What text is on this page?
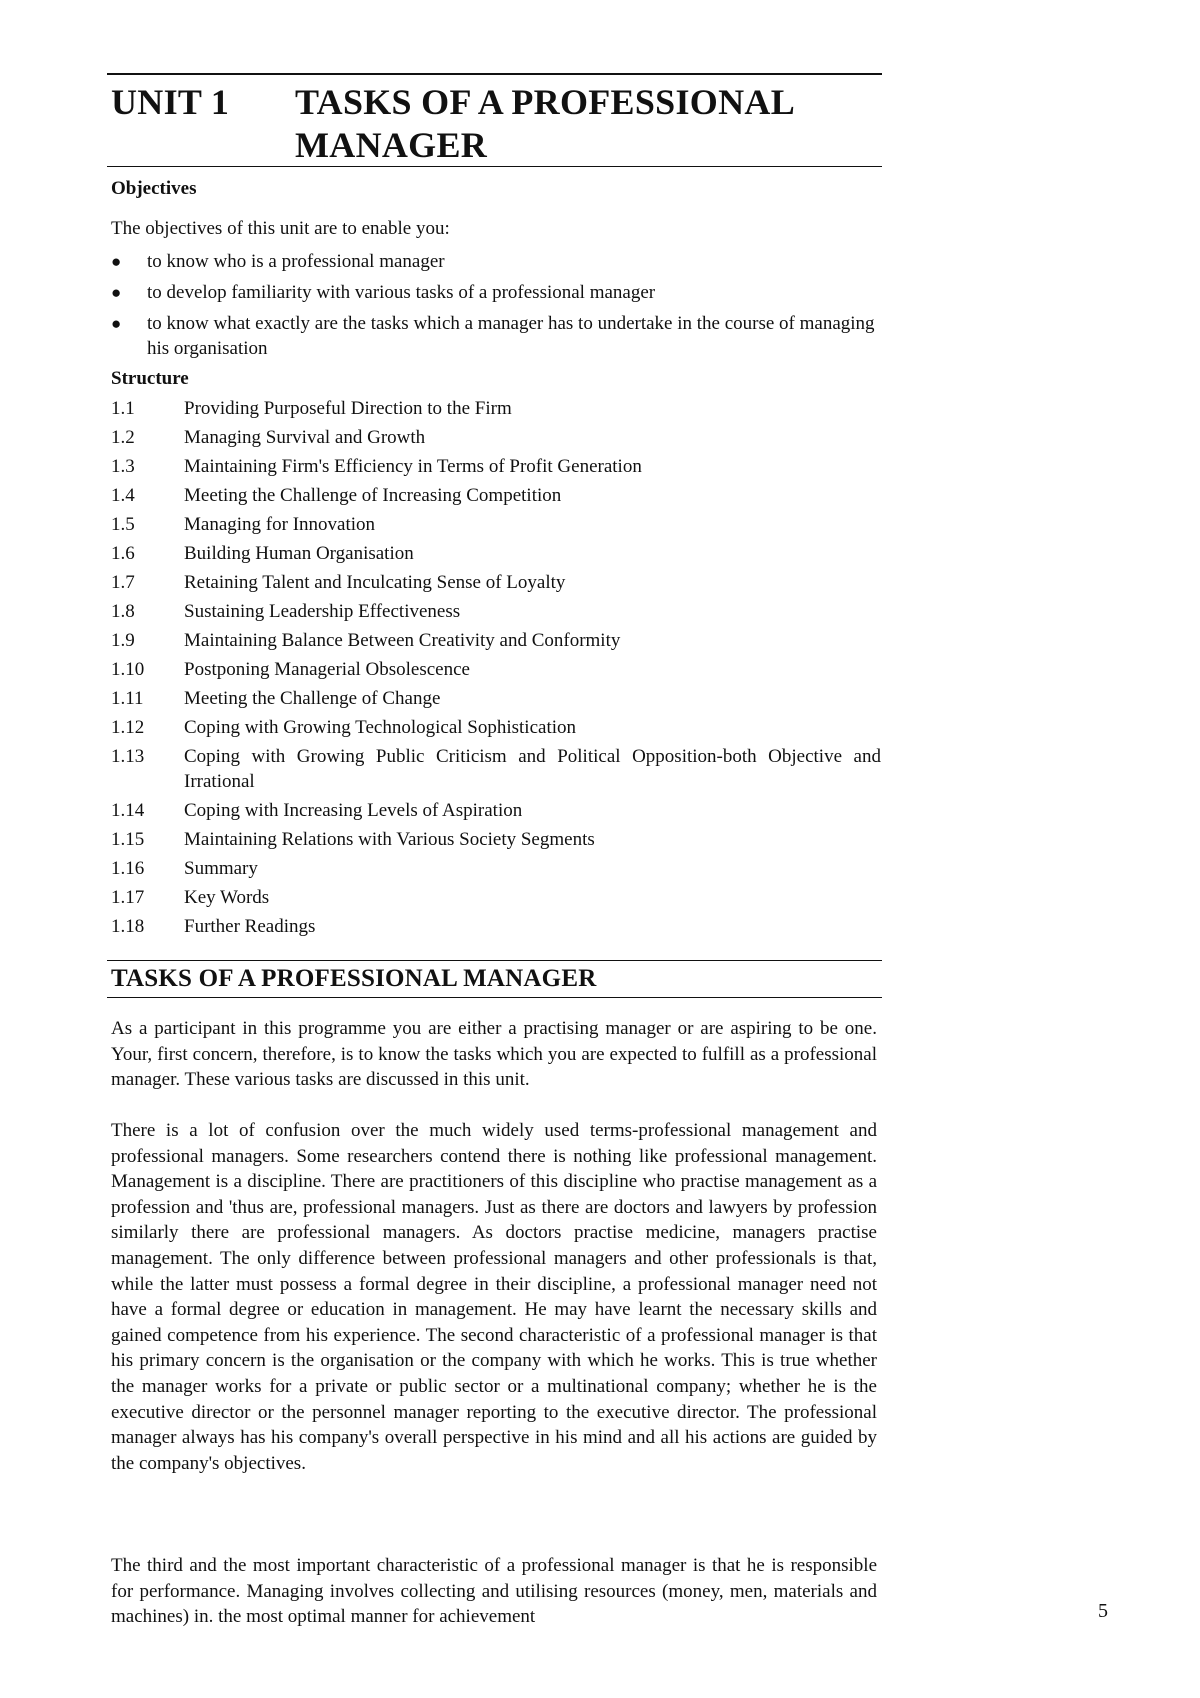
UNIT 1 TASKS OF A PROFESSIONAL MANAGER
Objectives
The objectives of this unit are to enable you:
● to know who is a professional manager
● to develop familiarity with various tasks of a professional manager
● to know what exactly are the tasks which a manager has to undertake in the course of managing his organisation
Structure
1.1	Providing Purposeful Direction to the Firm
1.2	Managing Survival and Growth
1.3	Maintaining Firm's Efficiency in Terms of Profit Generation
1.4	Meeting the Challenge of Increasing Competition
1.5	Managing for Innovation
1.6	Building Human Organisation
1.7	Retaining Talent and Inculcating Sense of Loyalty
1.8	Sustaining Leadership Effectiveness
1.9	Maintaining Balance Between Creativity and Conformity
1.10	Postponing Managerial Obsolescence
1.11	Meeting the Challenge of Change
1.12	Coping with Growing Technological Sophistication
1.13	Coping with Growing Public Criticism and Political Opposition-both Objective and Irrational
1.14	Coping with Increasing Levels of Aspiration
1.15	Maintaining Relations with Various Society Segments
1.16	Summary
1.17	Key Words
1.18	Further Readings
TASKS OF A PROFESSIONAL MANAGER

As a participant in this programme you are either a practising manager or are aspiring to be one. Your, first concern, therefore, is to know the tasks which you are expected to fulfill as a professional manager. These various tasks are discussed in this unit.

There is a lot of confusion over the much widely used terms-professional management and professional managers. Some researchers contend there is nothing like professional management. Management is a discipline. There are practitioners of this discipline who practise management as a profession and 'thus are, professional managers. Just as there are doctors and lawyers by profession similarly there are professional managers. As doctors practise medicine, managers practise management. The only difference between professional managers and other professionals is that, while the latter must possess a formal degree in their discipline, a professional manager need not have a formal degree or education in management. He may have learnt the necessary skills and gained competence from his experience. The second characteristic of a professional manager is that his primary concern is the organisation or the company with which he works. This is true whether the manager works for a private or public sector or a multinational company; whether he is the executive director or the personnel manager reporting to the executive director. The professional manager always has his company's overall perspective in his mind and all his actions are guided by the company's objectives.

The third and the most important characteristic of a professional manager is that he is responsible for performance. Managing involves collecting and utilising resources (money, men, materials and machines) in. the most optimal manner for achievement	5
